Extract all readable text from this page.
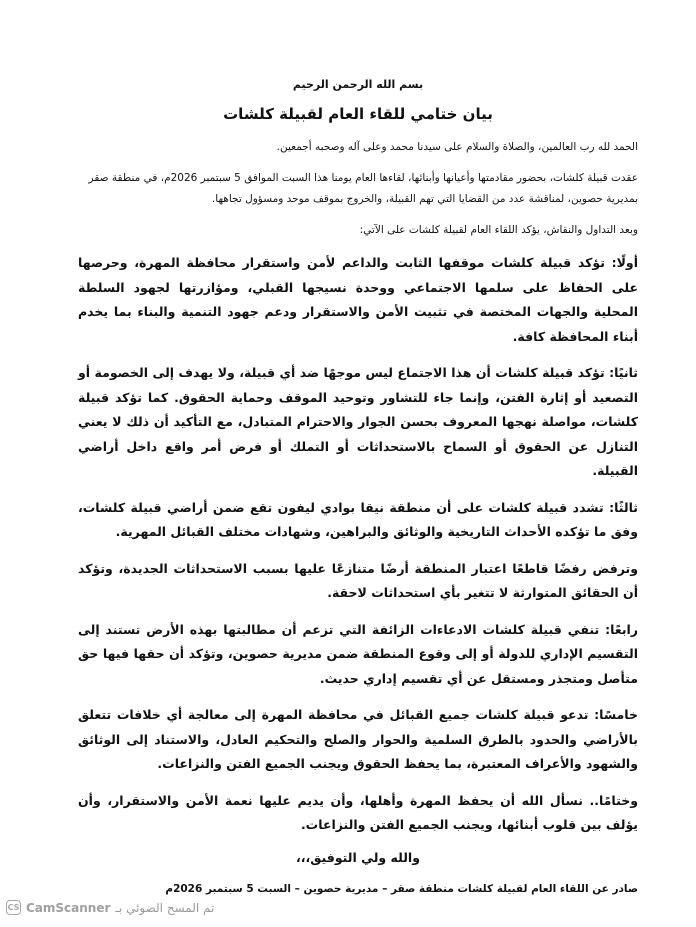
بسم الله الرحمن الرحيم

بيان ختامي للقاء العام لقبيلة كلشات

الحمد لله رب العالمين، والصلاة والسلام على سيدنا محمد وعلى آله وصحبه أجمعين.

عقدت قبيلة كلشات، بحضور مقادمتها وأعيانها وأبنائها، لقاءها العام يومنا هذا السبت الموافق 5 سبتمبر 2026م، في منطقة صقر بمديرية حصوين، لمناقشة عدد من القضايا التي تهم القبيلة، والخروج بموقف موحد ومسؤول تجاهها.

وبعد التداول والنقاش، يؤكد اللقاء العام لقبيلة كلشات على الآتي:

أولًا: تؤكد قبيلة كلشات موقفها الثابت والداعم لأمن واستقرار محافظة المهرة، وحرصها على الحفاظ على سلمها الاجتماعي ووحدة نسيجها القبلي، ومؤازرتها لجهود السلطة المحلية والجهات المختصة في تثبيت الأمن والاستقرار ودعم جهود التنمية والبناء بما يخدم أبناء المحافظة كافة.

ثانيًا: تؤكد قبيلة كلشات أن هذا الاجتماع ليس موجهًا ضد أي قبيلة، ولا يهدف إلى الخصومة أو التصعيد أو إثارة الفتن، وإنما جاء للتشاور وتوحيد الموقف وحماية الحقوق. كما تؤكد قبيلة كلشات، مواصلة نهجها المعروف بحسن الجوار والاحترام المتبادل، مع التأكيد أن ذلك لا يعني التنازل عن الحقوق أو السماح بالاستحداثات أو التملك أو فرض أمر واقع داخل أراضي القبيلة.

ثالثًا: تشدد قبيلة كلشات على أن منطقة نيقا بوادي ليفون تقع ضمن أراضي قبيلة كلشات، وفق ما تؤكده الأحداث التاريخية والوثائق والبراهين، وشهادات مختلف القبائل المهرية.

وترفض رفضًا قاطعًا اعتبار المنطقة أرضًا متنازعًا عليها بسبب الاستحداثات الجديدة، وتؤكد أن الحقائق المتوارثة لا تتغير بأي استحداثات لاحقة.

رابعًا: تنفي قبيلة كلشات الادعاءات الزائفة التي تزعم أن مطالبتها بهذه الأرض تستند إلى التقسيم الإداري للدولة أو إلى وقوع المنطقة ضمن مديرية حصوين، وتؤكد أن حقها فيها حق متأصل ومتجذر ومستقل عن أي تقسيم إداري حديث.

خامسًا: تدعو قبيلة كلشات جميع القبائل في محافظة المهرة إلى معالجة أي خلافات تتعلق بالأراضي والحدود بالطرق السلمية والحوار والصلح والتحكيم العادل، والاستناد إلى الوثائق والشهود والأعراف المعتبرة، بما يحفظ الحقوق ويجنب الجميع الفتن والنزاعات.

وختامًا.. نسأل الله أن يحفظ المهرة وأهلها، وأن يديم عليها نعمة الأمن والاستقرار، وأن يؤلف بين قلوب أبنائها، ويجنب الجميع الفتن والنزاعات.

والله ولي التوفيق،،،

صادر عن اللقاء العام لقبيلة كلشات منطقة صقر – مديرية حصوين – السبت 5 سبتمبر 2026م

CS CamScanner تم المسح الضوئي بـ
